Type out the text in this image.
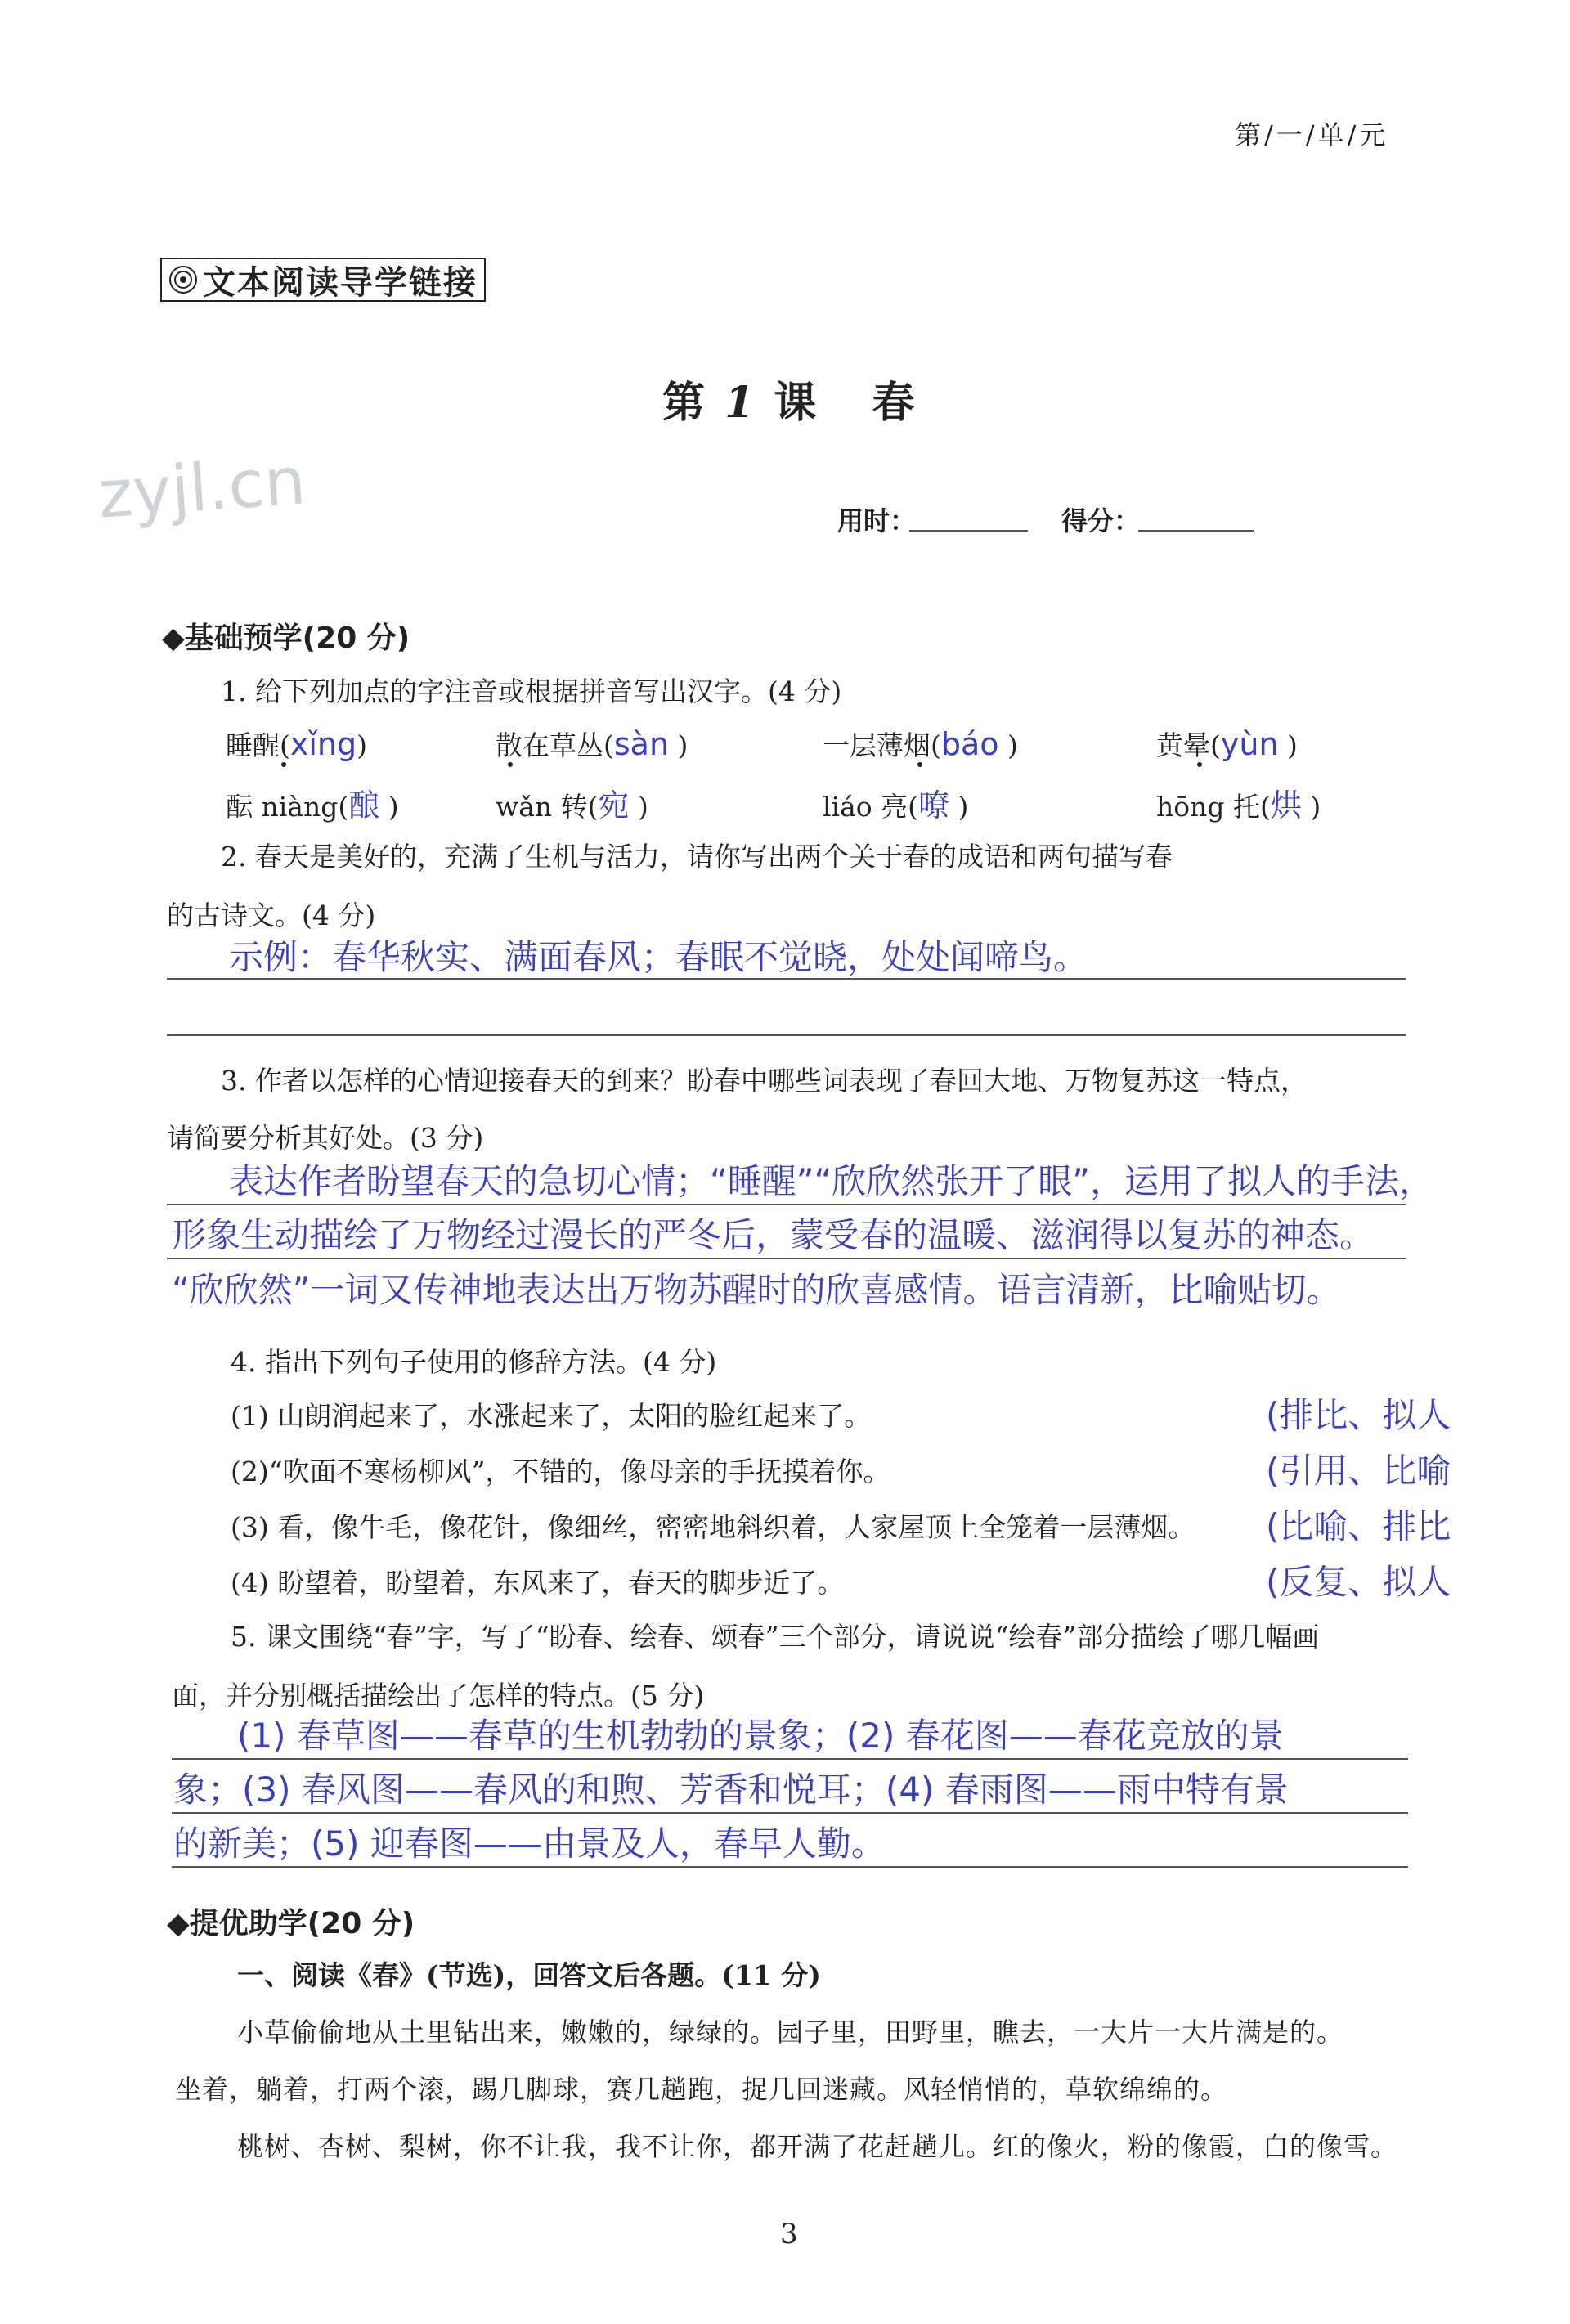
第/一/单/元
文本阅读导学链接
zyjl.cn
第 1 课 春
用时：	得分：
◆基础预学(20 分)
1. 给下列加点的字注音或根据拼音写出汉字。(4 分)
睡醒(xǐng)	散在草丛(sàn )	一层薄烟(báo )	黄晕(yùn )
酝 niàng(酿 )	wǎn 转(宛 )	liáo 亮(嘹 )	hōng 托(烘 )
2. 春天是美好的，充满了生机与活力，请你写出两个关于春的成语和两句描写春
的古诗文。(4 分)
示例：春华秋实、满面春风；春眠不觉晓，处处闻啼鸟。
3. 作者以怎样的心情迎接春天的到来？盼春中哪些词表现了春回大地、万物复苏这一特点，
请简要分析其好处。(3 分)
表达作者盼望春天的急切心情；“睡醒”“欣欣然张开了眼”，运用了拟人的手法，
形象生动描绘了万物经过漫长的严冬后，蒙受春的温暖、滋润得以复苏的神态。
“欣欣然”一词又传神地表达出万物苏醒时的欣喜感情。语言清新，比喻贴切。
4. 指出下列句子使用的修辞方法。(4 分)
(1) 山朗润起来了，水涨起来了，太阳的脸红起来了。	(排比、拟人
(2)“吹面不寒杨柳风”，不错的，像母亲的手抚摸着你。	(引用、比喻
(3) 看，像牛毛，像花针，像细丝，密密地斜织着，人家屋顶上全笼着一层薄烟。 (比喻、排比
(4) 盼望着，盼望着，东风来了，春天的脚步近了。	(反复、拟人
5. 课文围绕“春”字，写了“盼春、绘春、颂春”三个部分，请说说“绘春”部分描绘了哪几幅画
面，并分别概括描绘出了怎样的特点。(5 分)
(1) 春草图——春草的生机勃勃的景象；(2) 春花图——春花竞放的景
象；(3) 春风图——春风的和煦、芳香和悦耳；(4) 春雨图——雨中特有景
的新美；(5) 迎春图——由景及人，春早人勤。
◆提优助学(20 分)
一、阅读《春》(节选)，回答文后各题。(11 分)
小草偷偷地从土里钻出来，嫩嫩的，绿绿的。园子里，田野里，瞧去，一大片一大片满是的。
坐着，躺着，打两个滚，踢几脚球，赛几趟跑，捉几回迷藏。风轻悄悄的，草软绵绵的。
桃树、杏树、梨树，你不让我，我不让你，都开满了花赶趟儿。红的像火，粉的像霞，白的像雪。
3
